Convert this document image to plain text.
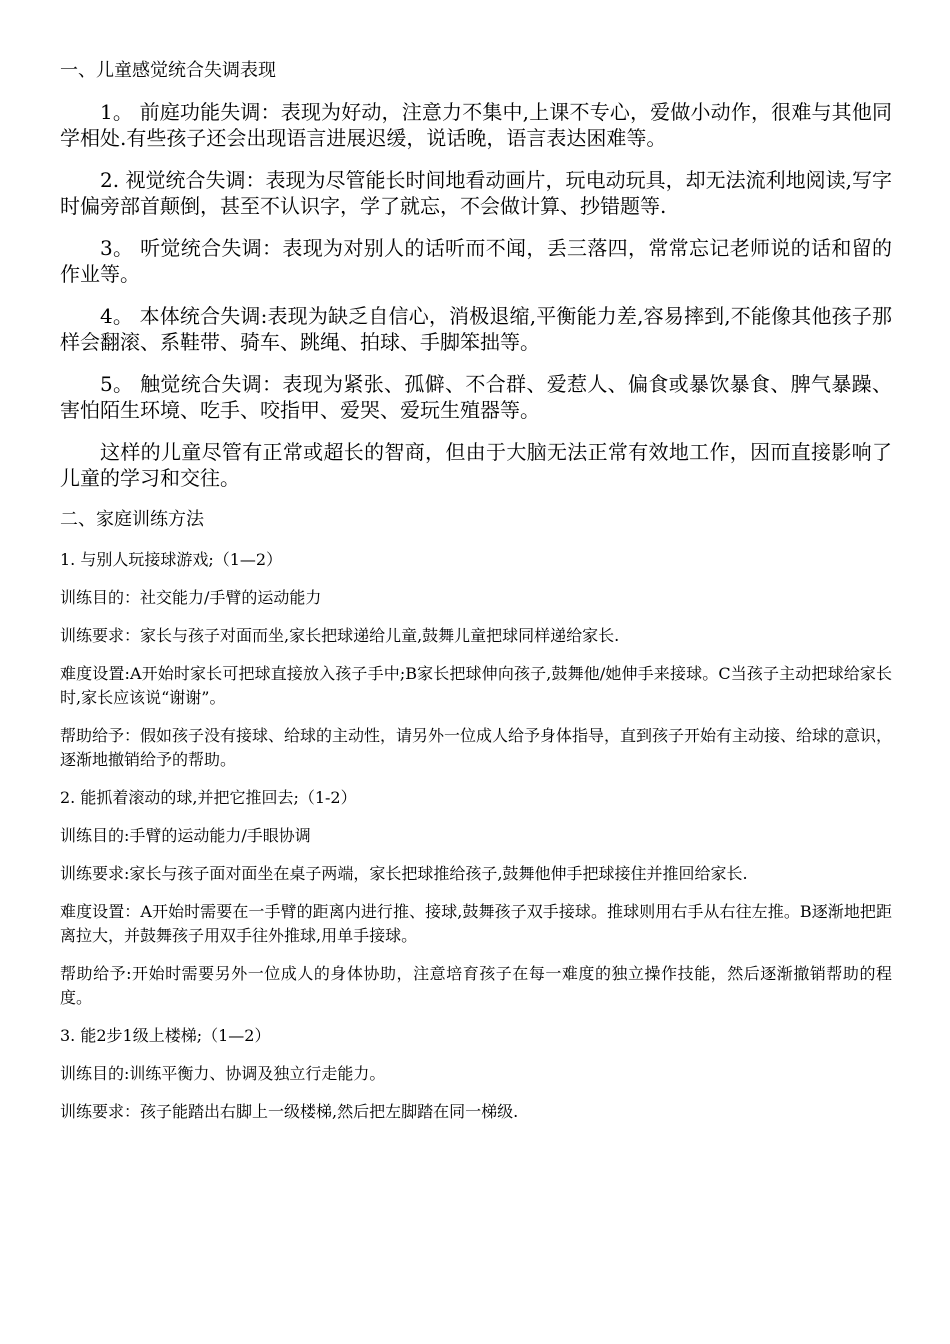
一、儿童感觉统合失调表现

1。 前庭功能失调：表现为好动，注意力不集中,上课不专心，爱做小动作，很难与其他同学相处.有些孩子还会出现语言进展迟缓，说话晚，语言表达困难等。

2. 视觉统合失调：表现为尽管能长时间地看动画片，玩电动玩具，却无法流利地阅读,写字时偏旁部首颠倒，甚至不认识字，学了就忘，不会做计算、抄错题等.

3。 听觉统合失调：表现为对别人的话听而不闻，丢三落四，常常忘记老师说的话和留的作业等。

4。 本体统合失调:表现为缺乏自信心，消极退缩,平衡能力差,容易摔到,不能像其他孩子那样会翻滚、系鞋带、骑车、跳绳、拍球、手脚笨拙等。

5。 触觉统合失调：表现为紧张、孤僻、不合群、爱惹人、偏食或暴饮暴食、脾气暴躁、害怕陌生环境、吃手、咬指甲、爱哭、爱玩生殖器等。

这样的儿童尽管有正常或超长的智商，但由于大脑无法正常有效地工作，因而直接影响了儿童的学习和交往。

二、家庭训练方法

1. 与别人玩接球游戏;（1—2）

训练目的：社交能力/手臂的运动能力

训练要求：家长与孩子对面而坐,家长把球递给儿童,鼓舞儿童把球同样递给家长.

难度设置:A开始时家长可把球直接放入孩子手中;B家长把球伸向孩子,鼓舞他/她伸手来接球。C当孩子主动把球给家长时,家长应该说“谢谢”。

帮助给予：假如孩子没有接球、给球的主动性，请另外一位成人给予身体指导，直到孩子开始有主动接、给球的意识，逐渐地撤销给予的帮助。

2. 能抓着滚动的球,并把它推回去;（1-2）

训练目的:手臂的运动能力/手眼协调

训练要求:家长与孩子面对面坐在桌子两端，家长把球推给孩子,鼓舞他伸手把球接住并推回给家长.

难度设置：A开始时需要在一手臂的距离内进行推、接球,鼓舞孩子双手接球。推球则用右手从右往左推。B逐渐地把距离拉大，并鼓舞孩子用双手往外推球,用单手接球。

帮助给予:开始时需要另外一位成人的身体协助，注意培育孩子在每一难度的独立操作技能，然后逐渐撤销帮助的程度。

3. 能2步1级上楼梯;（1—2）

训练目的:训练平衡力、协调及独立行走能力。

训练要求：孩子能踏出右脚上一级楼梯,然后把左脚踏在同一梯级.
